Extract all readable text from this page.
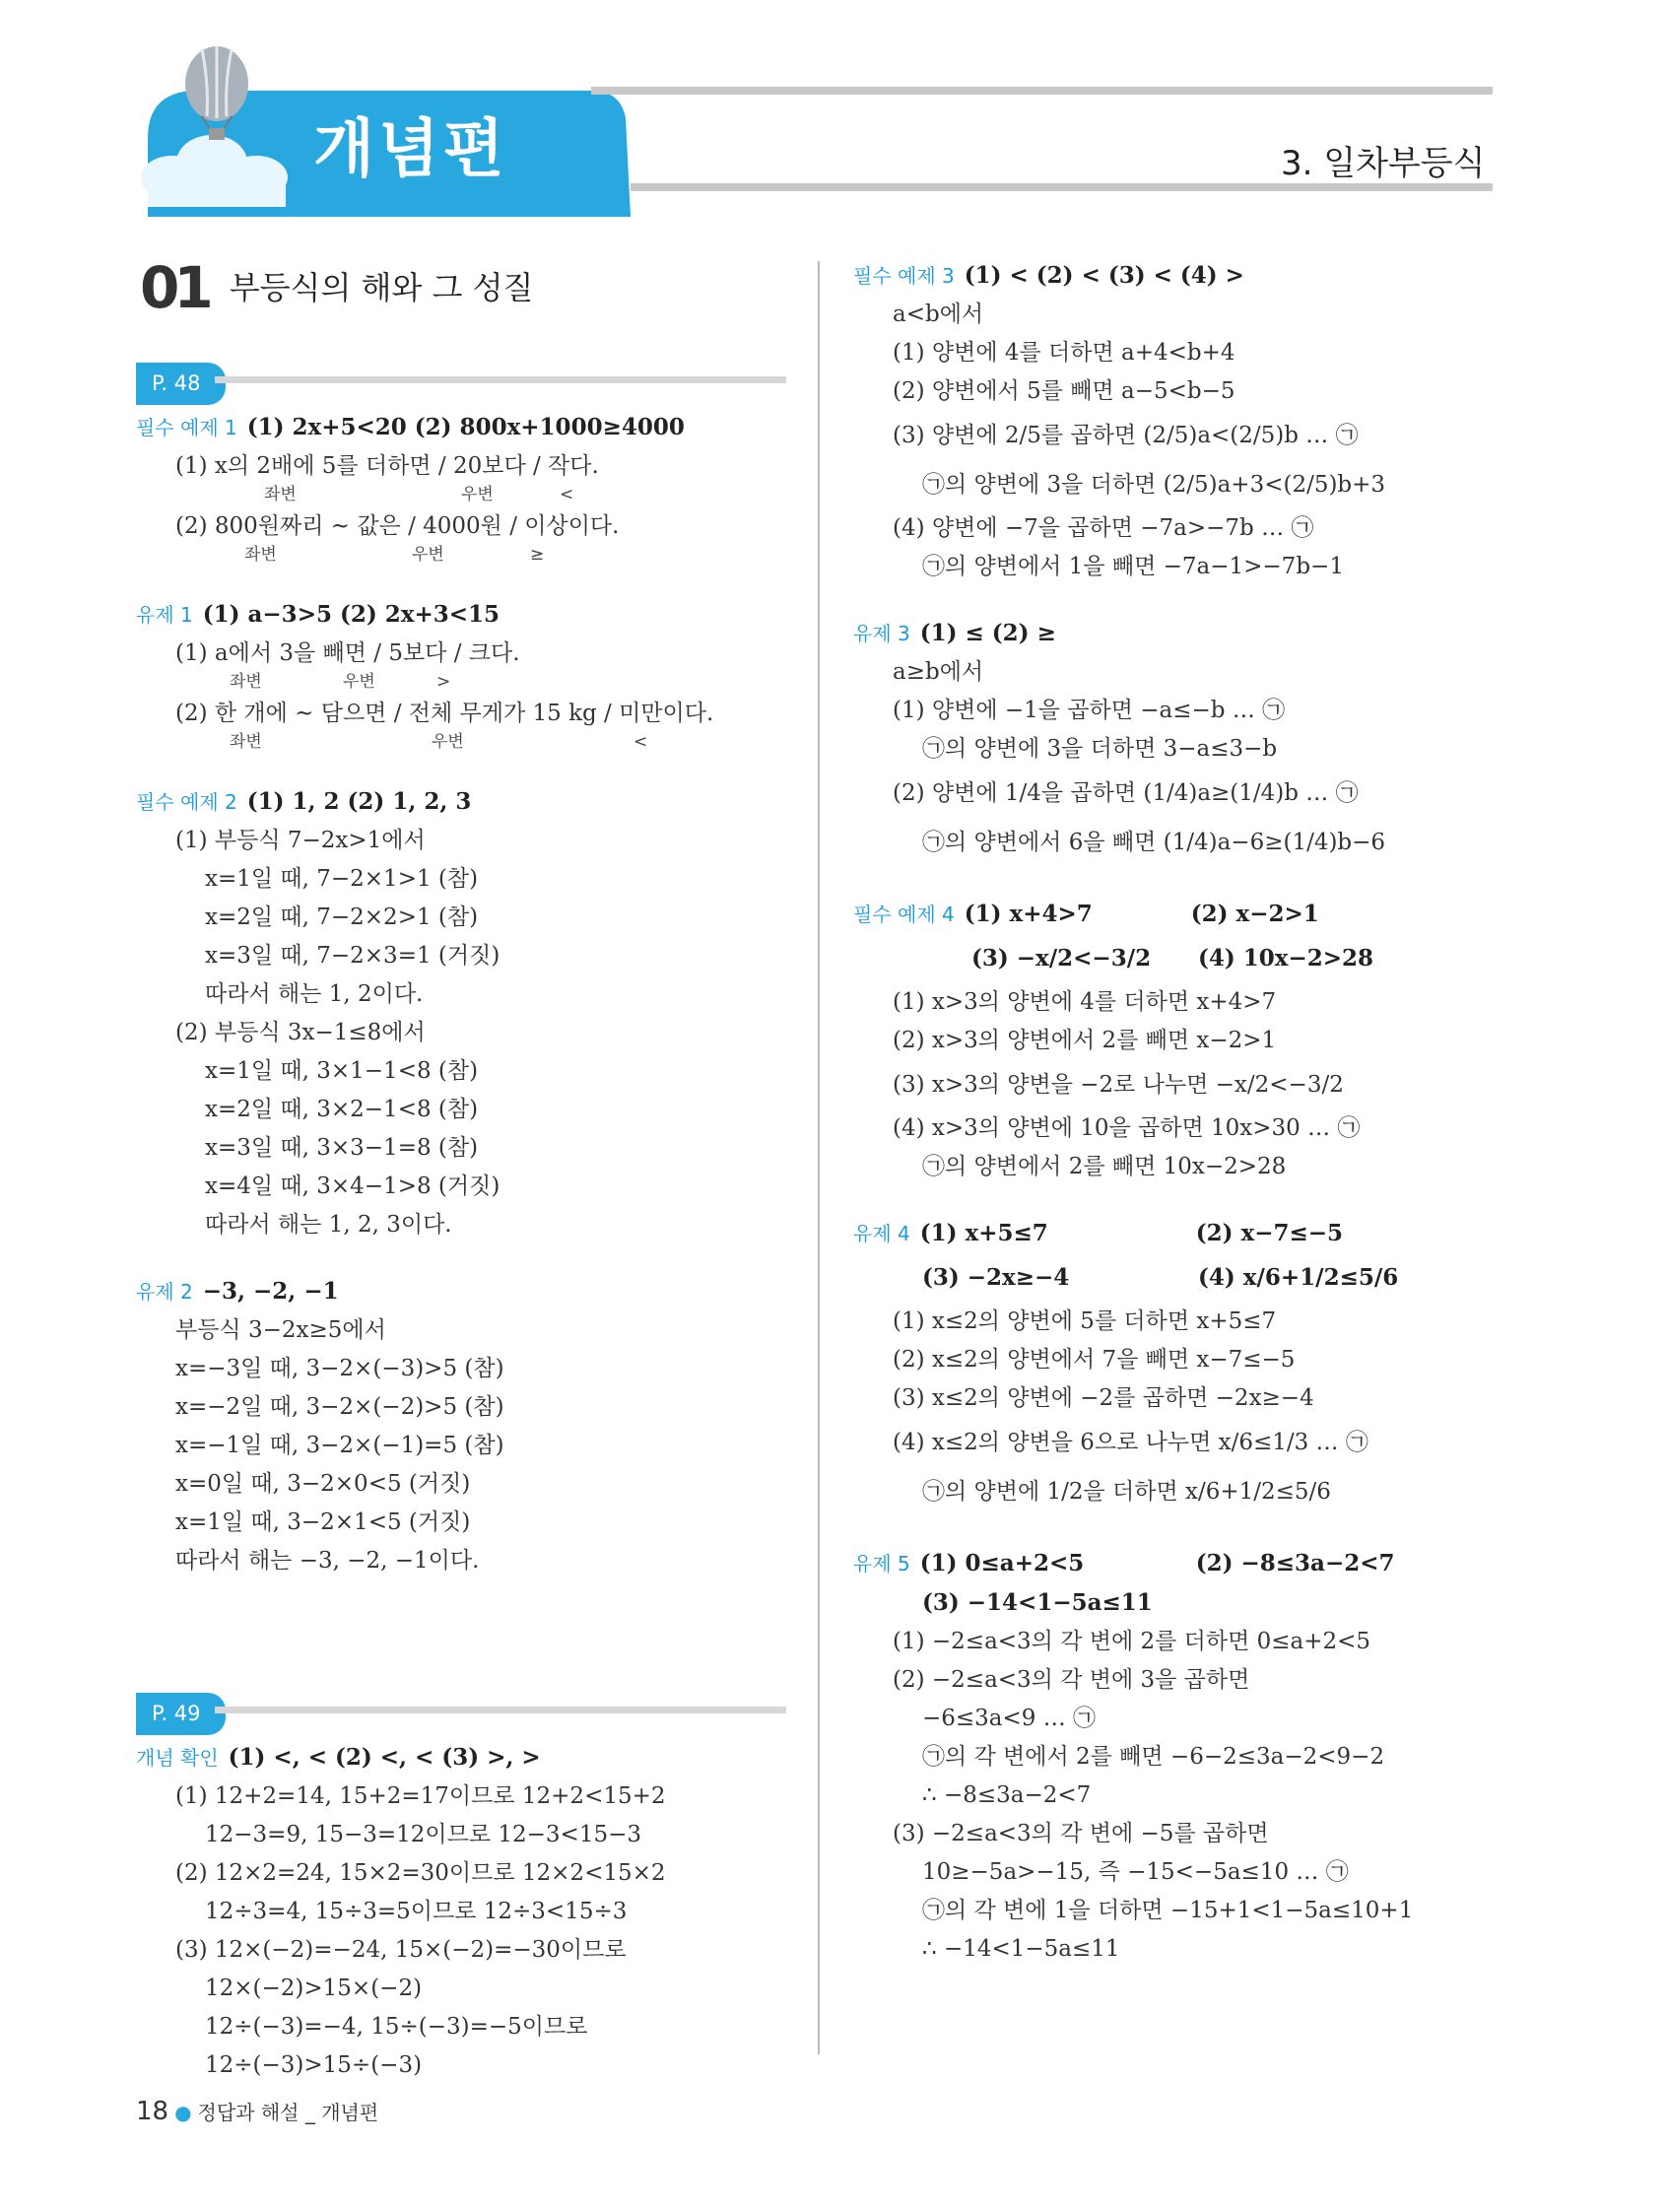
개념편	3. 일차부등식
01 부등식의 해와 그 성질
P. 48
필수 예제 1 (1) 2x+5<20 (2) 800x+1000≥4000
(1) x의 2배에 5를 더하면 / 20보다 / 작다.
좌변	우변	<
(2) 800원짜리 ~ 값은 / 4000원 / 이상이다.
좌변	우변	≥
유제 1 (1) a−3>5 (2) 2x+3<15
(1) a에서 3을 빼면 / 5보다 / 크다.
좌변	우변	>
(2) 한 개에 ~ 담으면 / 전체 무게가 15 kg / 미만이다.
좌변	우변	<
필수 예제 2 (1) 1, 2 (2) 1, 2, 3
(1) 부등식 7−2x>1에서
x=1일 때, 7−2×1>1 (참)
x=2일 때, 7−2×2>1 (참)
x=3일 때, 7−2×3=1 (거짓)
따라서 해는 1, 2이다.
(2) 부등식 3x−1≤8에서
x=1일 때, 3×1−1<8 (참)
x=2일 때, 3×2−1<8 (참)
x=3일 때, 3×3−1=8 (참)
x=4일 때, 3×4−1>8 (거짓)
따라서 해는 1, 2, 3이다.
유제 2 −3, −2, −1
부등식 3−2x≥5에서
x=−3일 때, 3−2×(−3)>5 (참)
x=−2일 때, 3−2×(−2)>5 (참)
x=−1일 때, 3−2×(−1)=5 (참)
x=0일 때, 3−2×0<5 (거짓)
x=1일 때, 3−2×1<5 (거짓)
따라서 해는 −3, −2, −1이다.
P. 49
개념 확인 (1) <, < (2) <, < (3) >, >
(1) 12+2=14, 15+2=17이므로 12+2<15+2
12−3=9, 15−3=12이므로 12−3<15−3
(2) 12×2=24, 15×2=30이므로 12×2<15×2
12÷3=4, 15÷3=5이므로 12÷3<15÷3
(3) 12×(−2)=−24, 15×(−2)=−30이므로
12×(−2)>15×(−2)
12÷(−3)=−4, 15÷(−3)=−5이므로
12÷(−3)>15÷(−3)
필수 예제 3 (1) < (2) < (3) < (4) >
a<b에서
(1) 양변에 4를 더하면 a+4<b+4
(2) 양변에서 5를 빼면 a−5<b−5
(3) 양변에 2/5를 곱하면 (2/5)a<(2/5)b … ㉠
㉠의 양변에 3을 더하면 (2/5)a+3<(2/5)b+3
(4) 양변에 −7을 곱하면 −7a>−7b … ㉠
㉠의 양변에서 1을 빼면 −7a−1>−7b−1
유제 3 (1) ≤ (2) ≥
a≥b에서
(1) 양변에 −1을 곱하면 −a≤−b … ㉠
㉠의 양변에 3을 더하면 3−a≤3−b
(2) 양변에 1/4을 곱하면 (1/4)a≥(1/4)b … ㉠
㉠의 양변에서 6을 빼면 (1/4)a−6≥(1/4)b−6
필수 예제 4 (1) x+4>7	(2) x−2>1
(3) −x/2<−3/2 (4) 10x−2>28
(1) x>3의 양변에 4를 더하면 x+4>7
(2) x>3의 양변에서 2를 빼면 x−2>1
(3) x>3의 양변을 −2로 나누면 −x/2<−3/2
(4) x>3의 양변에 10을 곱하면 10x>30 … ㉠
㉠의 양변에서 2를 빼면 10x−2>28
유제 4 (1) x+5≤7	(2) x−7≤−5
(3) −2x≥−4	(4) x/6+1/2≤5/6
(1) x≤2의 양변에 5를 더하면 x+5≤7
(2) x≤2의 양변에서 7을 빼면 x−7≤−5
(3) x≤2의 양변에 −2를 곱하면 −2x≥−4
(4) x≤2의 양변을 6으로 나누면 x/6≤1/3 … ㉠
㉠의 양변에 1/2을 더하면 x/6+1/2≤5/6
유제 5 (1) 0≤a+2<5	(2) −8≤3a−2<7
(3) −14<1−5a≤11
(1) −2≤a<3의 각 변에 2를 더하면 0≤a+2<5
(2) −2≤a<3의 각 변에 3을 곱하면
−6≤3a<9 … ㉠
㉠의 각 변에서 2를 빼면 −6−2≤3a−2<9−2
∴ −8≤3a−2<7
(3) −2≤a<3의 각 변에 −5를 곱하면
10≥−5a>−15, 즉 −15<−5a≤10 … ㉠
㉠의 각 변에 1을 더하면 −15+1<1−5a≤10+1
∴ −14<1−5a≤11
18 ● 정답과 해설 _ 개념편
